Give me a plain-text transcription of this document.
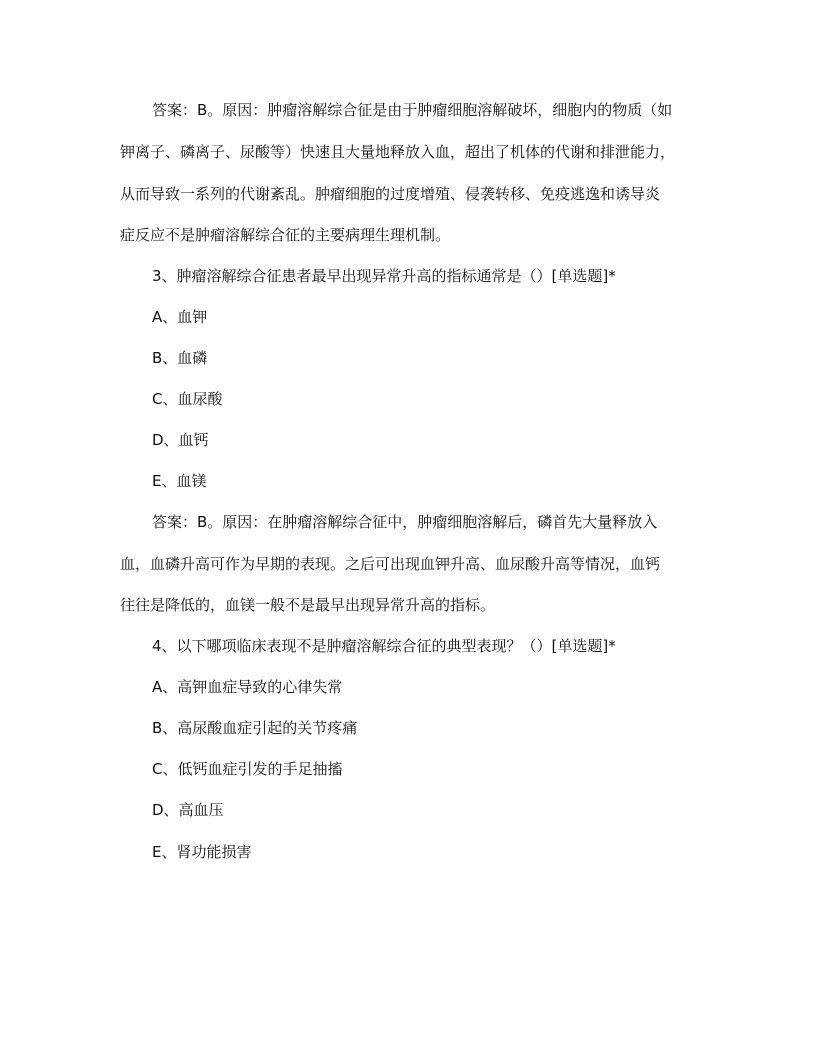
答案：B。原因：肿瘤溶解综合征是由于肿瘤细胞溶解破坏，细胞内的物质（如
钾离子、磷离子、尿酸等）快速且大量地释放入血，超出了机体的代谢和排泄能力，
从而导致一系列的代谢紊乱。肿瘤细胞的过度增殖、侵袭转移、免疫逃逸和诱导炎
症反应不是肿瘤溶解综合征的主要病理生理机制。
3、肿瘤溶解综合征患者最早出现异常升高的指标通常是（）[单选题]*
A、血钾
B、血磷
C、血尿酸
D、血钙
E、血镁
答案：B。原因：在肿瘤溶解综合征中，肿瘤细胞溶解后，磷首先大量释放入
血，血磷升高可作为早期的表现。之后可出现血钾升高、血尿酸升高等情况，血钙
往往是降低的，血镁一般不是最早出现异常升高的指标。
4、以下哪项临床表现不是肿瘤溶解综合征的典型表现？（）[单选题]*
A、高钾血症导致的心律失常
B、高尿酸血症引起的关节疼痛
C、低钙血症引发的手足抽搐
D、高血压
E、肾功能损害
